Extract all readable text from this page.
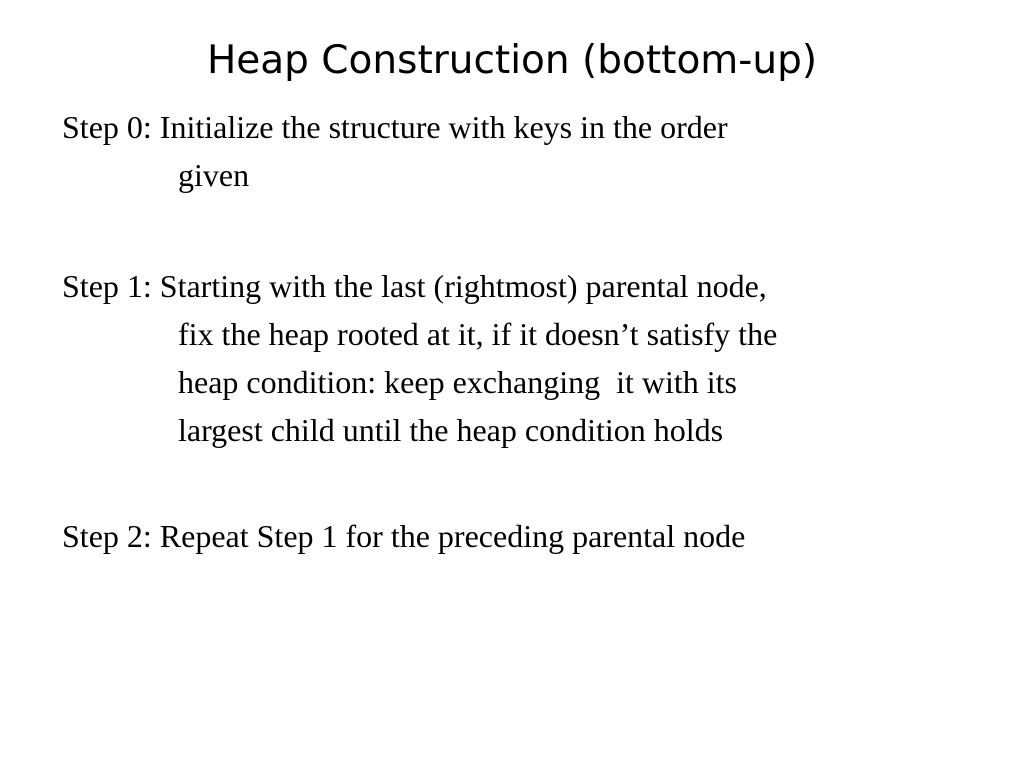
Heap Construction (bottom-up)
Step 0: Initialize the structure with keys in the order
given
Step 1: Starting with the last (rightmost) parental node,
fix the heap rooted at it, if it doesn’t satisfy the
heap condition: keep exchanging  it with its
largest child until the heap condition holds
Step 2: Repeat Step 1 for the preceding parental node
